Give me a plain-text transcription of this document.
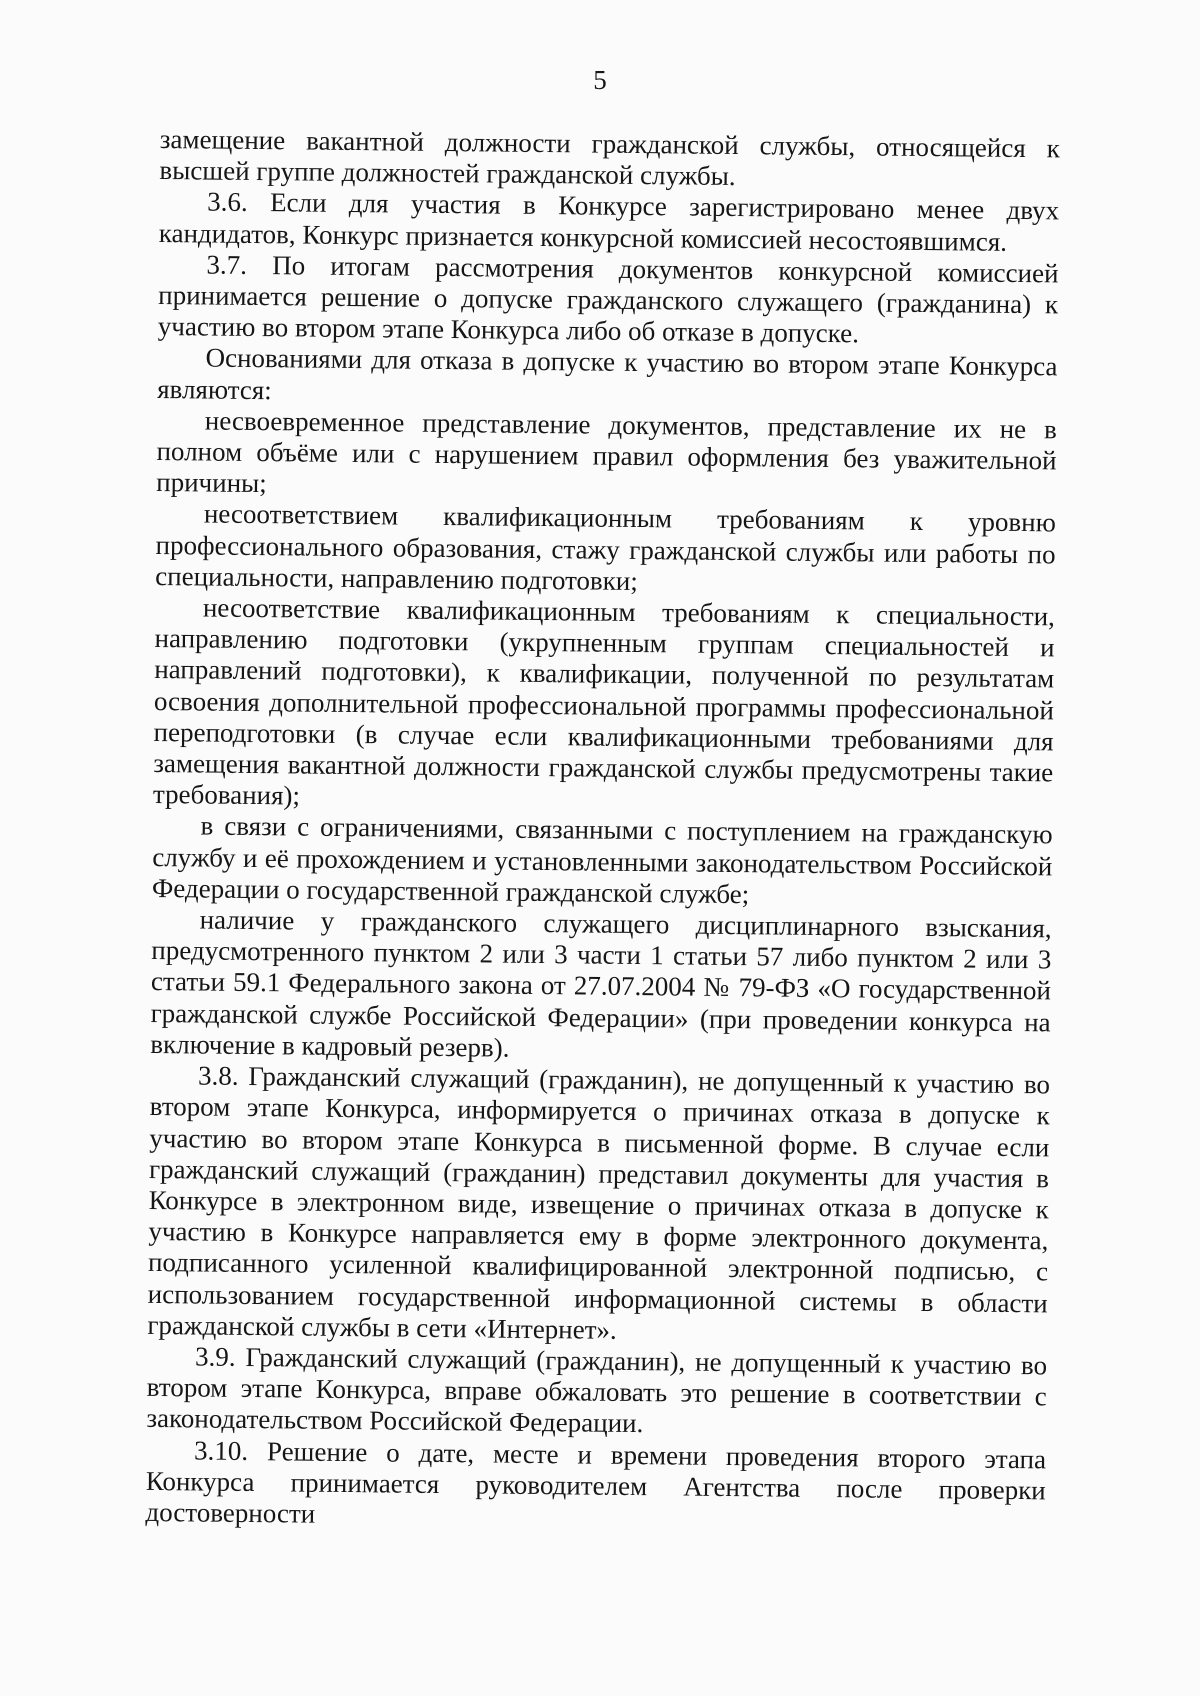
5

замещение вакантной должности гражданской службы, относящейся к высшей группе должностей гражданской службы.

3.6. Если для участия в Конкурсе зарегистрировано менее двух кандидатов, Конкурс признается конкурсной комиссией несостоявшимся.

3.7. По итогам рассмотрения документов конкурсной комиссией принимается решение о допуске гражданского служащего (гражданина) к участию во втором этапе Конкурса либо об отказе в допуске.

Основаниями для отказа в допуске к участию во втором этапе Конкурса являются:

несвоевременное представление документов, представление их не в полном объёме или с нарушением правил оформления без уважительной причины;

несоответствием квалификационным требованиям к уровню профессионального образования, стажу гражданской службы или работы по специальности, направлению подготовки;

несоответствие квалификационным требованиям к специальности, направлению подготовки (укрупненным группам специальностей и направлений подготовки), к квалификации, полученной по результатам освоения дополнительной профессиональной программы профессиональной переподготовки (в случае если квалификационными требованиями для замещения вакантной должности гражданской службы предусмотрены такие требования);

в связи с ограничениями, связанными с поступлением на гражданскую службу и её прохождением и установленными законодательством Российской Федерации о государственной гражданской службе;

наличие у гражданского служащего дисциплинарного взыскания, предусмотренного пунктом 2 или 3 части 1 статьи 57 либо пунктом 2 или 3 статьи 59.1 Федерального закона от 27.07.2004 № 79-ФЗ «О государственной гражданской службе Российской Федерации» (при проведении конкурса на включение в кадровый резерв).

3.8. Гражданский служащий (гражданин), не допущенный к участию во втором этапе Конкурса, информируется о причинах отказа в допуске к участию во втором этапе Конкурса в письменной форме. В случае если гражданский служащий (гражданин) представил документы для участия в Конкурсе в электронном виде, извещение о причинах отказа в допуске к участию в Конкурсе направляется ему в форме электронного документа, подписанного усиленной квалифицированной электронной подписью, с использованием государственной информационной системы в области гражданской службы в сети «Интернет».

3.9. Гражданский служащий (гражданин), не допущенный к участию во втором этапе Конкурса, вправе обжаловать это решение в соответствии с законодательством Российской Федерации.

3.10. Решение о дате, месте и времени проведения второго этапа Конкурса принимается руководителем Агентства после проверки достоверности
